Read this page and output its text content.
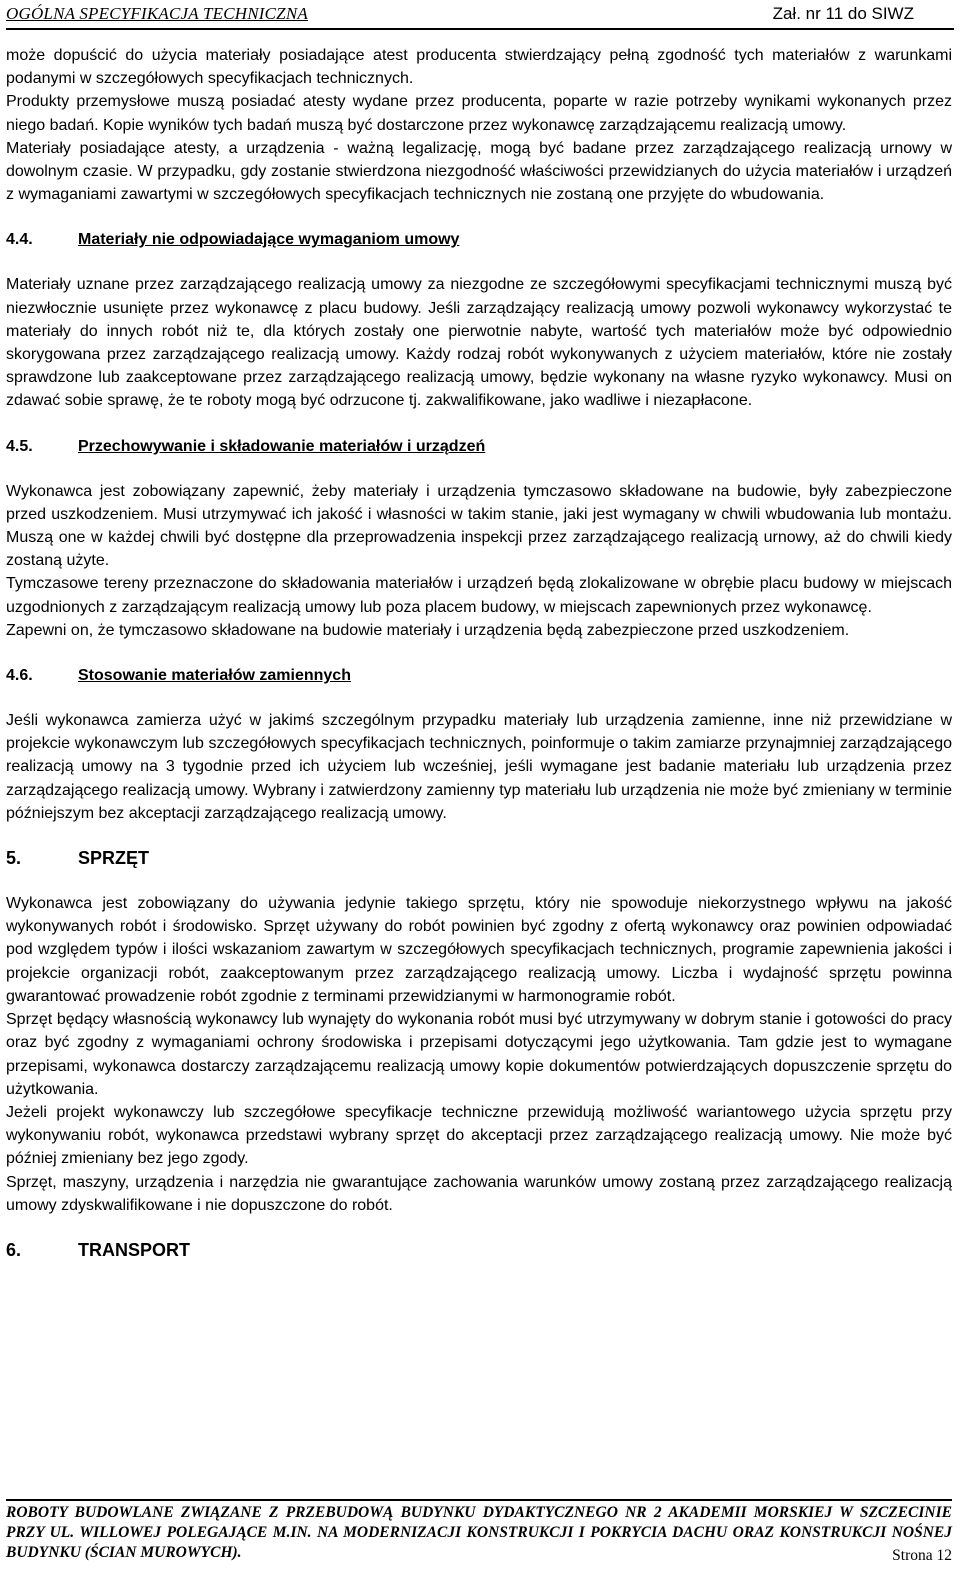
OGÓLNA SPECYFIKACJA TECHNICZNA	Zał. nr 11 do SIWZ

może dopuścić do użycia materiały posiadające atest producenta stwierdzający pełną zgodność tych materiałów z warunkami podanymi w szczegółowych specyfikacjach technicznych.

Produkty przemysłowe muszą posiadać atesty wydane przez producenta, poparte w razie potrzeby wynikami wykonanych przez niego badań. Kopie wyników tych badań muszą być dostarczone przez wykonawcę zarządzającemu realizacją umowy.

Materiały posiadające atesty, a urządzenia - ważną legalizację, mogą być badane przez zarządzającego realizacją urnowy w dowolnym czasie. W przypadku, gdy zostanie stwierdzona niezgodność właściwości przewidzianych do użycia materiałów i urządzeń z wymaganiami zawartymi w szczegółowych specyfikacjach technicznych nie zostaną one przyjęte do wbudowania.

4.4.	Materiały nie odpowiadające wymaganiom umowy

Materiały uznane przez zarządzającego realizacją umowy za niezgodne ze szczegółowymi specyfikacjami technicznymi muszą być niezwłocznie usunięte przez wykonawcę z placu budowy. Jeśli zarządzający realizacją umowy pozwoli wykonawcy wykorzystać te materiały do innych robót niż te, dla których zostały one pierwotnie nabyte, wartość tych materiałów może być odpowiednio skorygowana przez zarządzającego realizacją umowy. Każdy rodzaj robót wykonywanych z użyciem materiałów, które nie zostały sprawdzone lub zaakceptowane przez zarządzającego realizacją umowy, będzie wykonany na własne ryzyko wykonawcy. Musi on zdawać sobie sprawę, że te roboty mogą być odrzucone tj. zakwalifikowane, jako wadliwe i niezapłacone.

4.5.	Przechowywanie i składowanie materiałów i urządzeń

Wykonawca jest zobowiązany zapewnić, żeby materiały i urządzenia tymczasowo składowane na budowie, były zabezpieczone przed uszkodzeniem. Musi utrzymywać ich jakość i własności w takim stanie, jaki jest wymagany w chwili wbudowania lub montażu. Muszą one w każdej chwili być dostępne dla przeprowadzenia inspekcji przez zarządzającego realizacją urnowy, aż do chwili kiedy zostaną użyte.

Tymczasowe tereny przeznaczone do składowania materiałów i urządzeń będą zlokalizowane w obrębie placu budowy w miejscach uzgodnionych z zarządzającym realizacją umowy lub poza placem budowy, w miejscach zapewnionych przez wykonawcę.

Zapewni on, że tymczasowo składowane na budowie materiały i urządzenia będą zabezpieczone przed uszkodzeniem.

4.6.	Stosowanie materiałów zamiennych

Jeśli wykonawca zamierza użyć w jakimś szczególnym przypadku materiały lub urządzenia zamienne, inne niż przewidziane w projekcie wykonawczym lub szczegółowych specyfikacjach technicznych, poinformuje o takim zamiarze przynajmniej zarządzającego realizacją umowy na 3 tygodnie przed ich użyciem lub wcześniej, jeśli wymagane jest badanie materiału lub urządzenia przez zarządzającego realizacją umowy. Wybrany i zatwierdzony zamienny typ materiału lub urządzenia nie może być zmieniany w terminie późniejszym bez akceptacji zarządzającego realizacją umowy.

5.	SPRZĘT

Wykonawca jest zobowiązany do używania jedynie takiego sprzętu, który nie spowoduje niekorzystnego wpływu na jakość wykonywanych robót i środowisko. Sprzęt używany do robót powinien być zgodny z ofertą wykonawcy oraz powinien odpowiadać pod względem typów i ilości wskazaniom zawartym w szczegółowych specyfikacjach technicznych, programie zapewnienia jakości i projekcie organizacji robót, zaakceptowanym przez zarządzającego realizacją umowy. Liczba i wydajność sprzętu powinna gwarantować prowadzenie robót zgodnie z terminami przewidzianymi w harmonogramie robót.

Sprzęt będący własnością wykonawcy lub wynajęty do wykonania robót musi być utrzymywany w dobrym stanie i gotowości do pracy oraz być zgodny z wymaganiami ochrony środowiska i przepisami dotyczącymi jego użytkowania. Tam gdzie jest to wymagane przepisami, wykonawca dostarczy zarządzającemu realizacją umowy kopie dokumentów potwierdzających dopuszczenie sprzętu do użytkowania.

Jeżeli projekt wykonawczy lub szczegółowe specyfikacje techniczne przewidują możliwość wariantowego użycia sprzętu przy wykonywaniu robót, wykonawca przedstawi wybrany sprzęt do akceptacji przez zarządzającego realizacją umowy. Nie może być później zmieniany bez jego zgody.

Sprzęt, maszyny, urządzenia i narzędzia nie gwarantujące zachowania warunków umowy zostaną przez zarządzającego realizacją umowy zdyskwalifikowane i nie dopuszczone do robót.

6.	TRANSPORT
ROBOTY BUDOWLANE ZWIĄZANE Z PRZEBUDOWĄ BUDYNKU DYDAKTYCZNEGO NR 2 AKADEMII MORSKIEJ W SZCZECINIE PRZY UL. WILLOWEJ POLEGAJĄCE M.IN. NA MODERNIZACJI KONSTRUKCJI I POKRYCIA DACHU ORAZ KONSTRUKCJI NOŚNEJ BUDYNKU (ŚCIAN MUROWYCH).	Strona 12
